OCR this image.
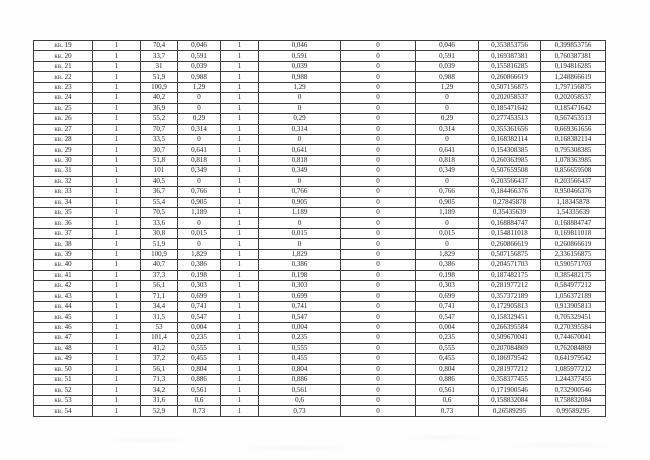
кв. 19	1	70,4	0,046	1	0,046	0	0,046	0,353853756	0,399853756
кв. 20	1	33,7	0,591	1	0,591	0	0,591	0,169387381	0,760387381
кв. 21	1	31	0,039	1	0,039	0	0,039	0,155816285	0,194816285
кв. 22	1	51,9	0,988	1	0,988	0	0,988	0,260866619	1,248866619
кв. 23	1	100,9	1,29	1	1,29	0	1,29	0,507156875	1,797156875
кв. 24	1	40,2	0	1	0	0	0	0,202058537	0,202058537
кв. 25	1	36,9	0	1	0	0	0	0,185471642	0,185471642
кв. 26	1	55,2	0,29	1	0,29	0	0,29	0,277453513	0,567453513
кв. 27	1	70,7	0,314	1	0,314	0	0,314	0,355361656	0,669361656
кв. 28	1	33,5	0	1	0	0	0	0,168382114	0,168382114
кв. 29	1	30,7	0,641	1	0,641	0	0,641	0,154308385	0,795308385
кв. 30	1	51,8	0,818	1	0,818	0	0,818	0,260363985	1,078363985
кв. 31	1	101	0,349	1	0,349	0	0,349	0,507659508	0,856659508
кв. 32	1	40,5	0	1	0	0	0	0,203566437	0,203566437
кв. 33	1	36,7	0,766	1	0,766	0	0,766	0,184466376	0,950466376
кв. 34	1	55,4	0,905	1	0,905	0	0,905	0,27845878	1,18345878
кв. 35	1	70,5	1,189	1	1,189	0	1,189	0,35435639	1,54335639
кв. 36	1	33,6	0	1	0	0	0	0,168884747	0,168884747
кв. 37	1	30,8	0,015	1	0,015	0	0,015	0,154811018	0,169811018
кв. 38	1	51,9	0	1	0	0	0	0,260866619	0,260866619
кв. 39	1	100,9	1,829	1	1,829	0	1,829	0,507156875	2,336156875
кв. 40	1	40,7	0,386	1	0,386	0	0,386	0,204571703	0,590571703
кв. 41	1	37,3	0,198	1	0,198	0	0,198	0,187482175	0,385482175
кв. 42	1	56,1	0,303	1	0,303	0	0,303	0,281977212	0,584977212
кв. 43	1	71,1	0,699	1	0,699	0	0,699	0,357372189	1,056372189
кв. 44	1	34,4	0,741	1	0,741	0	0,741	0,172905813	0,913905813
кв. 45	1	31,5	0,547	1	0,547	0	0,547	0,158329451	0,705329451
кв. 46	1	53	0,004	1	0,004	0	0,004	0,266395584	0,270395584
кв. 47	1	101,4	0,235	1	0,235	0	0,235	0,509670041	0,744670041
кв. 48	1	41,2	0,555	1	0,555	0	0,555	0,207084869	0,762084869
кв. 49	1	37,2	0,455	1	0,455	0	0,455	0,186979542	0,641979542
кв. 50	1	56,1	0,804	1	0,804	0	0,804	0,281977212	1,085977212
кв. 51	1	71,3	0,886	1	0,886	0	0,886	0,358377455	1,244377455
кв. 52	1	34,2	0,561	1	0,561	0	0,561	0,171900546	0,732900546
кв. 53	1	31,6	0,6	1	0,6	0	0,6	0,158832084	0,758832084
кв. 54	1	52,9	0,73	1	0,73	0	0,73	0,26589295	0,99589295
